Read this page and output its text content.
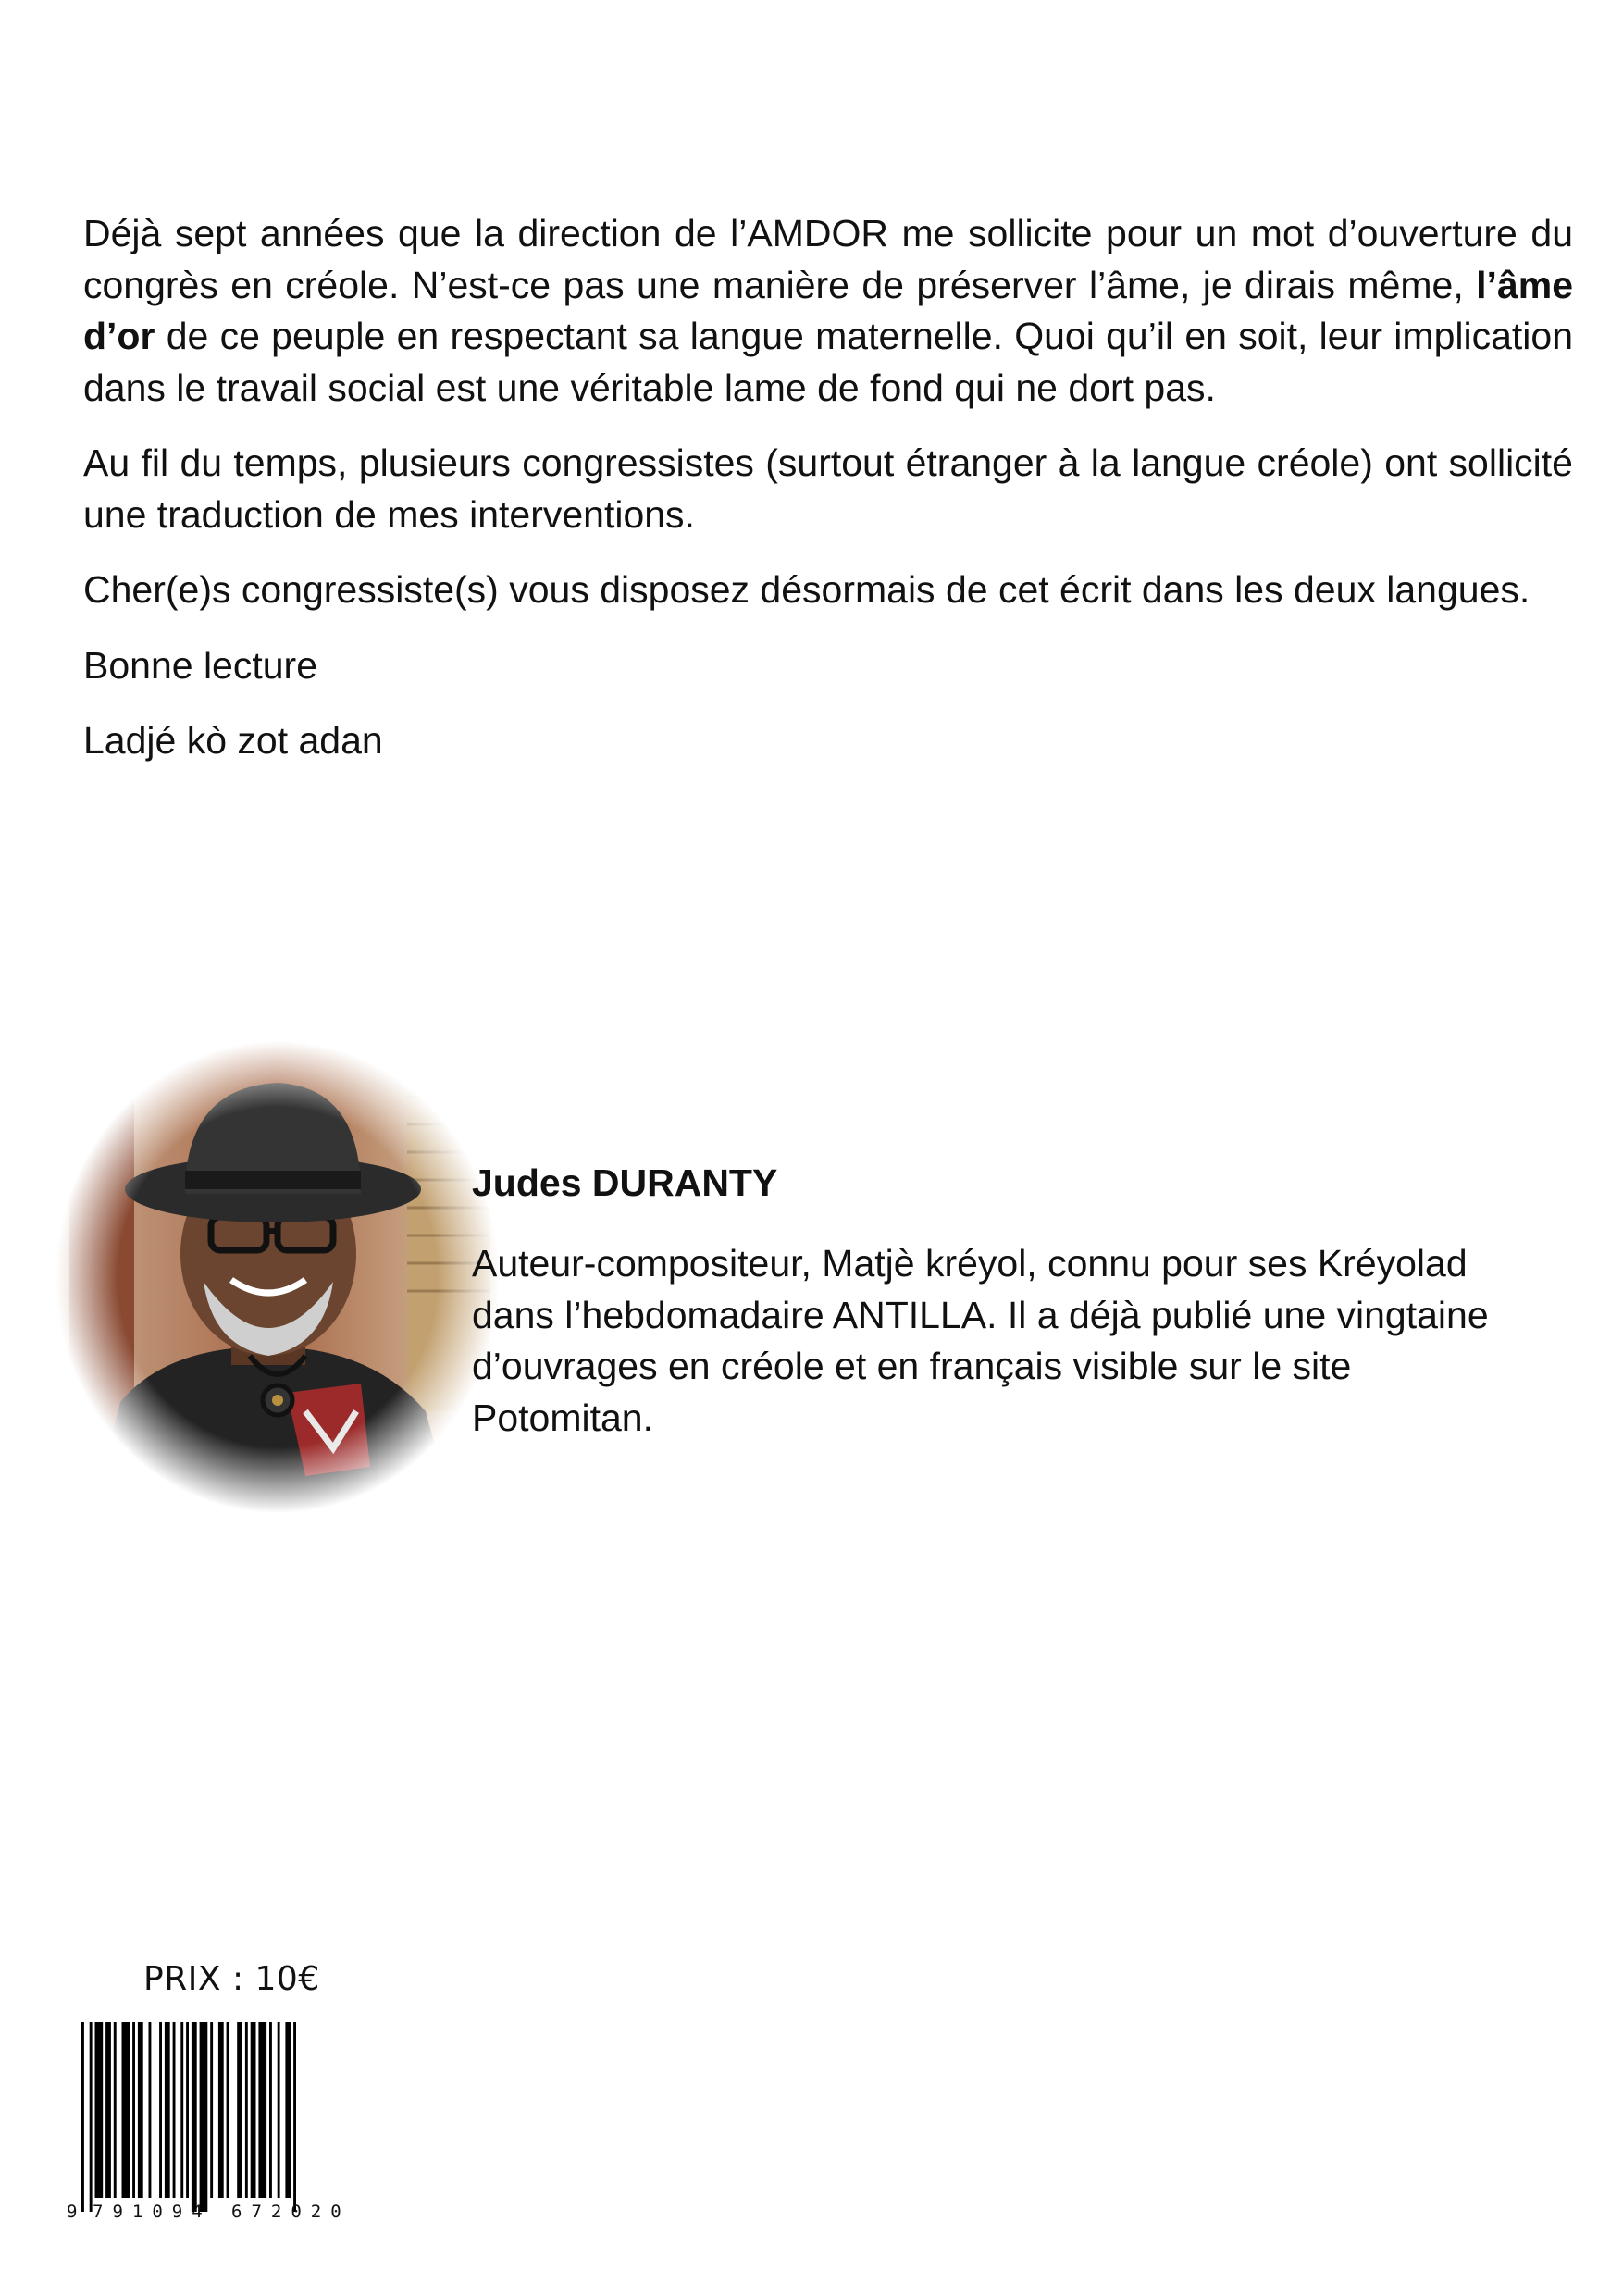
Déjà sept années que la direction de l’AMDOR me sollicite pour un mot d’ouverture du congrès en créole. N’est-ce pas une manière de préserver l’âme, je dirais même, l’âme d’or de ce peuple en respectant sa langue maternelle. Quoi qu’il en soit, leur implication dans le travail social est une véritable lame de fond qui ne dort pas.

Au fil du temps, plusieurs congressistes (surtout étranger à la langue créole) ont sollicité une traduction de mes interventions.

Cher(e)s congressiste(s) vous disposez désormais de cet écrit dans les deux langues.

Bonne lecture

Ladjé kò zot adan

Judes DURANTY
Auteur-compositeur, Matjè kréyol, connu pour ses Kréyolad dans l’hebdomadaire ANTILLA. Il a déjà publié une vingtaine d’ouvrages en créole et en français visible sur le site Potomitan.
PRIX : 10€
9 791094 672020
